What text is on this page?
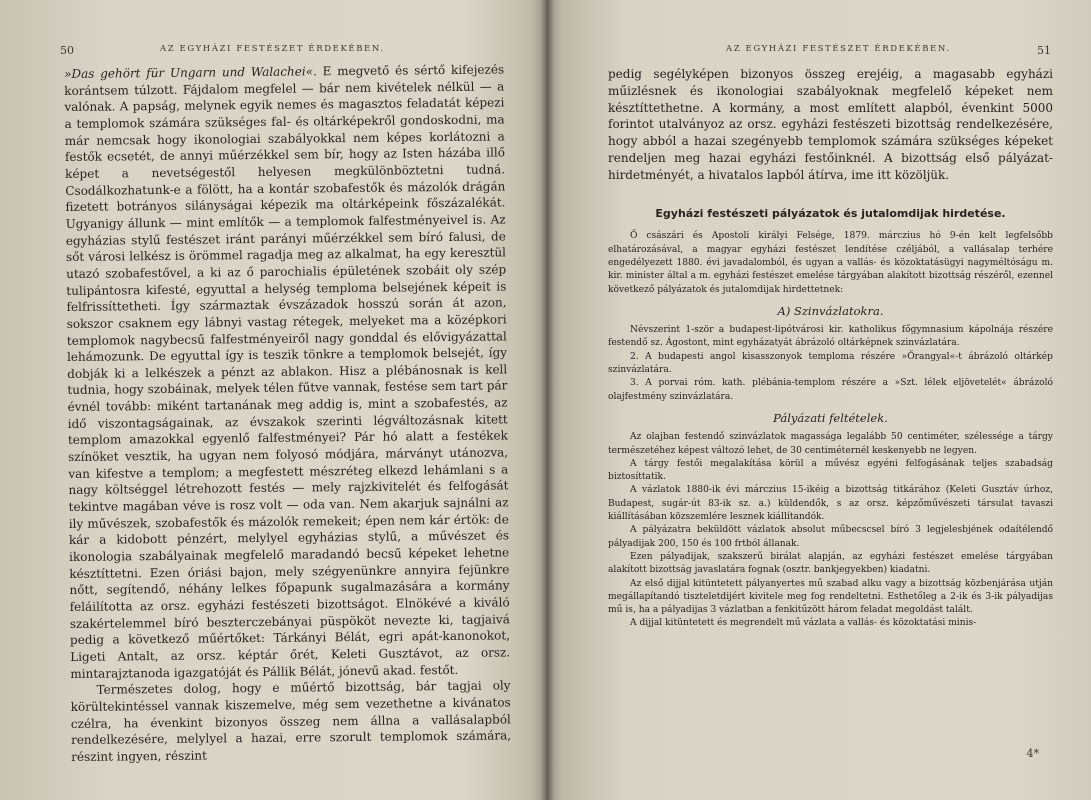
50	AZ EGYHÁZI FESTÉSZET ÉRDEKÉBEN.

»Das gehört für Ungarn und Walachei«. E megvető és sértő kifejezés korántsem túlzott. Fájdalom megfelel — bár nem kivételek nélkül — a valónak. A papság, melynek egyik nemes és magasztos feladatát képezi a templomok számára szükséges fal- és oltárképekről gondoskodni, ma már nemcsak hogy ikonologiai szabályokkal nem képes korlátozni a festők ecsetét, de annyi műérzékkel sem bír, hogy az Isten házába illő képet a nevetségestől helyesen megkülönböztetni tudná. Csodálkozhatunk-e a fölött, ha a kontár szobafestők és mázolók drágán fizetett botrányos silányságai képezik ma oltárképeink főszázalékát. Ugyanigy állunk — mint említők — a templomok falfestményeivel is. Az egyházias stylű festészet iránt parányi műérzékkel sem bíró falusi, de sőt városi lelkész is örömmel ragadja meg az alkalmat, ha egy keresztül utazó szobafestővel, a ki az ő parochialis épületének szobáit oly szép tulipántosra kifesté, egyuttal a helység temploma belsejének képeit is felfrissíttetheti. Így származtak évszázadok hosszú során át azon, sokszor csaknem egy lábnyi vastag rétegek, melyeket ma a középkori templomok nagybecsű falfestményeiről nagy gonddal és elővigyázattal lehámozunk. De egyuttal így is teszik tönkre a templomok belsejét, így dobják ki a lelkészek a pénzt az ablakon. Hisz a plébánosnak is kell tudnia, hogy szobáinak, melyek télen fűtve vannak, festése sem tart pár évnél tovább: miként tartanának meg addig is, mint a szobafestés, az idő viszontagságainak, az évszakok szerinti légváltozásnak kitett templom amazokkal egyenlő falfestményei? Pár hó alatt a festékek színöket vesztik, ha ugyan nem folyosó módjára, márványt utánozva, van kifestve a templom; a megfestett mészréteg elkezd lehámlani s a nagy költséggel létrehozott festés — mely rajzkivitelét és felfogását tekintve magában véve is rosz volt — oda van. Nem akarjuk sajnálni az ily művészek, szobafestők és mázolók remekeit; épen nem kár értök: de kár a kidobott pénzért, melylyel egyházias stylű, a művészet és ikonologia szabályainak megfelelő maradandó becsű képeket lehetne késztíttetni. Ezen óriási bajon, mely szégyenünkre annyira fejünkre nőtt, segítendő, néhány lelkes főpapunk sugalmazására a kormány feláilította az orsz. egyházi festészeti bizottságot. Elnökévé a kiváló szakértelemmel bíró beszterczebányai püspököt nevezte ki, tagjaivá pedig a következő műértőket: Tárkányi Bélát, egri apát-kanonokot, Ligeti Antalt, az orsz. képtár őrét, Keleti Gusztávot, az orsz. mintarajztanoda igazgatóját és Pállik Bélát, jónevű akad. festőt.

Természetes dolog, hogy e műértő bizottság, bár tagjai oly körültekintéssel vannak kiszemelve, még sem vezethetne a kivánatos czélra, ha évenkint bizonyos összeg nem állna a vallásalapból rendelkezésére, melylyel a hazai, erre szorult templomok számára, részint ingyen, részint

AZ EGYHÁZI FESTÉSZET ÉRDEKÉBEN.	51

pedig segélyképen bizonyos összeg erejéig, a magasabb egyházi műizlésnek és ikonologiai szabályoknak megfelelő képeket nem késztíttethetne. A kormány, a most említett alapból, évenkint 5000 forintot utalványoz az orsz. egyházi festészeti bizottság rendelkezésére, hogy abból a hazai szegényebb templomok számára szükséges képeket rendeljen meg hazai egyházi festőinknél. A bizottság első pályázat-hirdetményét, a hivatalos lapból átírva, ime itt közöljük.

Egyházi festészeti pályázatok és jutalomdijak hirdetése.

Ő császári és Apostoli királyi Felsége, 1879. márczius hó 9-én kelt legfelsőbb elhatározásával, a magyar egyházi festészet lendítése czéljából, a vallásalap terhére engedélyezett 1880. évi javadalomból, és ugyan a vallás- és közoktatásügyi nagyméltóságu m. kir. minister által a m. egyházi festészet emelése tárgyában alakított bizottság részéről, ezennel következő pályázatok és jutalomdijak hirdettetnek:

A) Szinvázlatokra.

Névszerint 1-ször a budapest-lipótvárosi kir. katholikus főgymnasium kápolnája részére festendő sz. Ágostont, mint egyházatyát ábrázoló oltárképnek szinvázlatára.

2. A budapesti angol kisasszonyok temploma részére »Őrangyal«-t ábrázoló oltárkép szinvázlatára.

3. A porvai róm. kath. plébánia-templom részére a »Szt. lélek eljövetelét« ábrázoló olajfestmény szinvázlatára.

Pályázati feltételek.

Az olajban festendő szinvázlatok magassága legalább 50 centiméter, szélessége a tárgy természetéhez képest változó lehet, de 30 centiméternél keskenyebb ne legyen.

A tárgy festői megalakítása körül a művész egyéni felfogásának teljes szabadság biztosíttatik.

A vázlatok 1880-ik évi márczius 15-ikéig a bizottság titkárához (Keleti Gusztáv úrhoz, Budapest, sugár-út 83-ik sz. a.) küldendők, s az orsz. képzőművészeti társulat tavaszi kiállításában közszemlére lesznek kiállítandók.

A pályázatra beküldött vázlatok absolut műbecscsel bíró 3 legjelesbjének odaítélendő pályadijak 200, 150 és 100 frtból állanak.

Ezen pályadijak, szakszerű birálat alapján, az egyházi festészet emelése tárgyában alakított bizottság javaslatára fognak (osztr. bankjegyekben) kiadatni.

Az első dijjal kitüntetett pályanyertes mű szabad alku vagy a bizottság közbenjárása utján megállapítandó tiszteletdijért kivitele meg fog rendeltetni. Esthetőleg a 2-ik és 3-ik pályadijas mű is, ha a pályadijas 3 vázlatban a fenkitűzött három feladat megoldást talált.

A dijjal kitüntetett és megrendelt mű vázlata a vallás- és közoktatási minis-

4*
